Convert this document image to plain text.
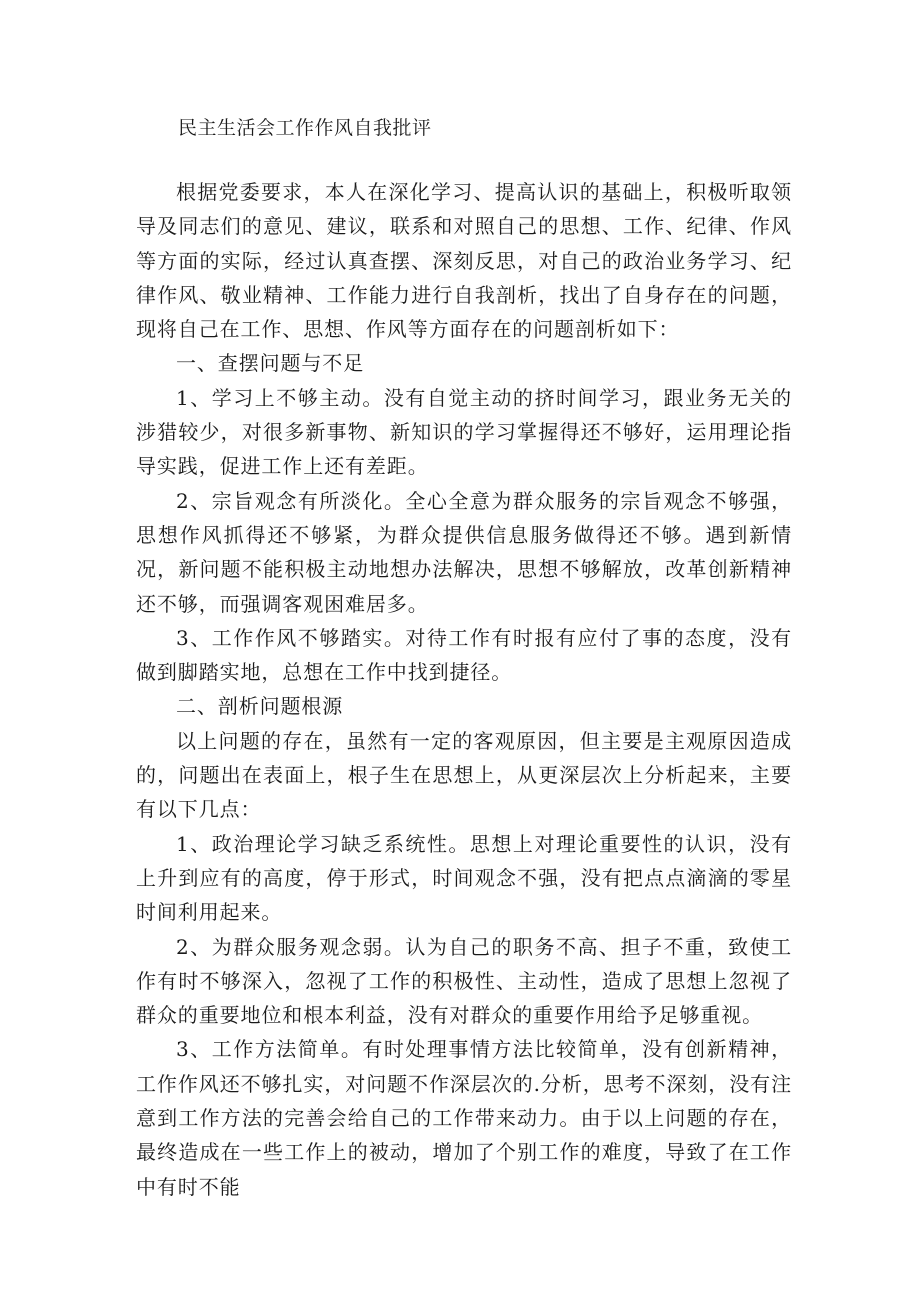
民主生活会工作作风自我批评

根据党委要求，本人在深化学习、提高认识的基础上，积极听取领导及同志们的意见、建议，联系和对照自己的思想、工作、纪律、作风等方面的实际，经过认真查摆、深刻反思，对自己的政治业务学习、纪律作风、敬业精神、工作能力进行自我剖析，找出了自身存在的问题，现将自己在工作、思想、作风等方面存在的问题剖析如下：

一、查摆问题与不足

1、学习上不够主动。没有自觉主动的挤时间学习，跟业务无关的涉猎较少，对很多新事物、新知识的学习掌握得还不够好，运用理论指导实践，促进工作上还有差距。

2、宗旨观念有所淡化。全心全意为群众服务的宗旨观念不够强，思想作风抓得还不够紧，为群众提供信息服务做得还不够。遇到新情况，新问题不能积极主动地想办法解决，思想不够解放，改革创新精神还不够，而强调客观困难居多。

3、工作作风不够踏实。对待工作有时报有应付了事的态度，没有做到脚踏实地，总想在工作中找到捷径。

二、剖析问题根源

以上问题的存在，虽然有一定的客观原因，但主要是主观原因造成的，问题出在表面上，根子生在思想上，从更深层次上分析起来，主要有以下几点：

1、政治理论学习缺乏系统性。思想上对理论重要性的认识，没有上升到应有的高度，停于形式，时间观念不强，没有把点点滴滴的零星时间利用起来。

2、为群众服务观念弱。认为自己的职务不高、担子不重，致使工作有时不够深入，忽视了工作的积极性、主动性，造成了思想上忽视了群众的重要地位和根本利益，没有对群众的重要作用给予足够重视。

3、工作方法简单。有时处理事情方法比较简单，没有创新精神，工作作风还不够扎实，对问题不作深层次的.分析，思考不深刻，没有注意到工作方法的完善会给自己的工作带来动力。由于以上问题的存在，最终造成在一些工作上的被动，增加了个别工作的难度，导致了在工作中有时不能
